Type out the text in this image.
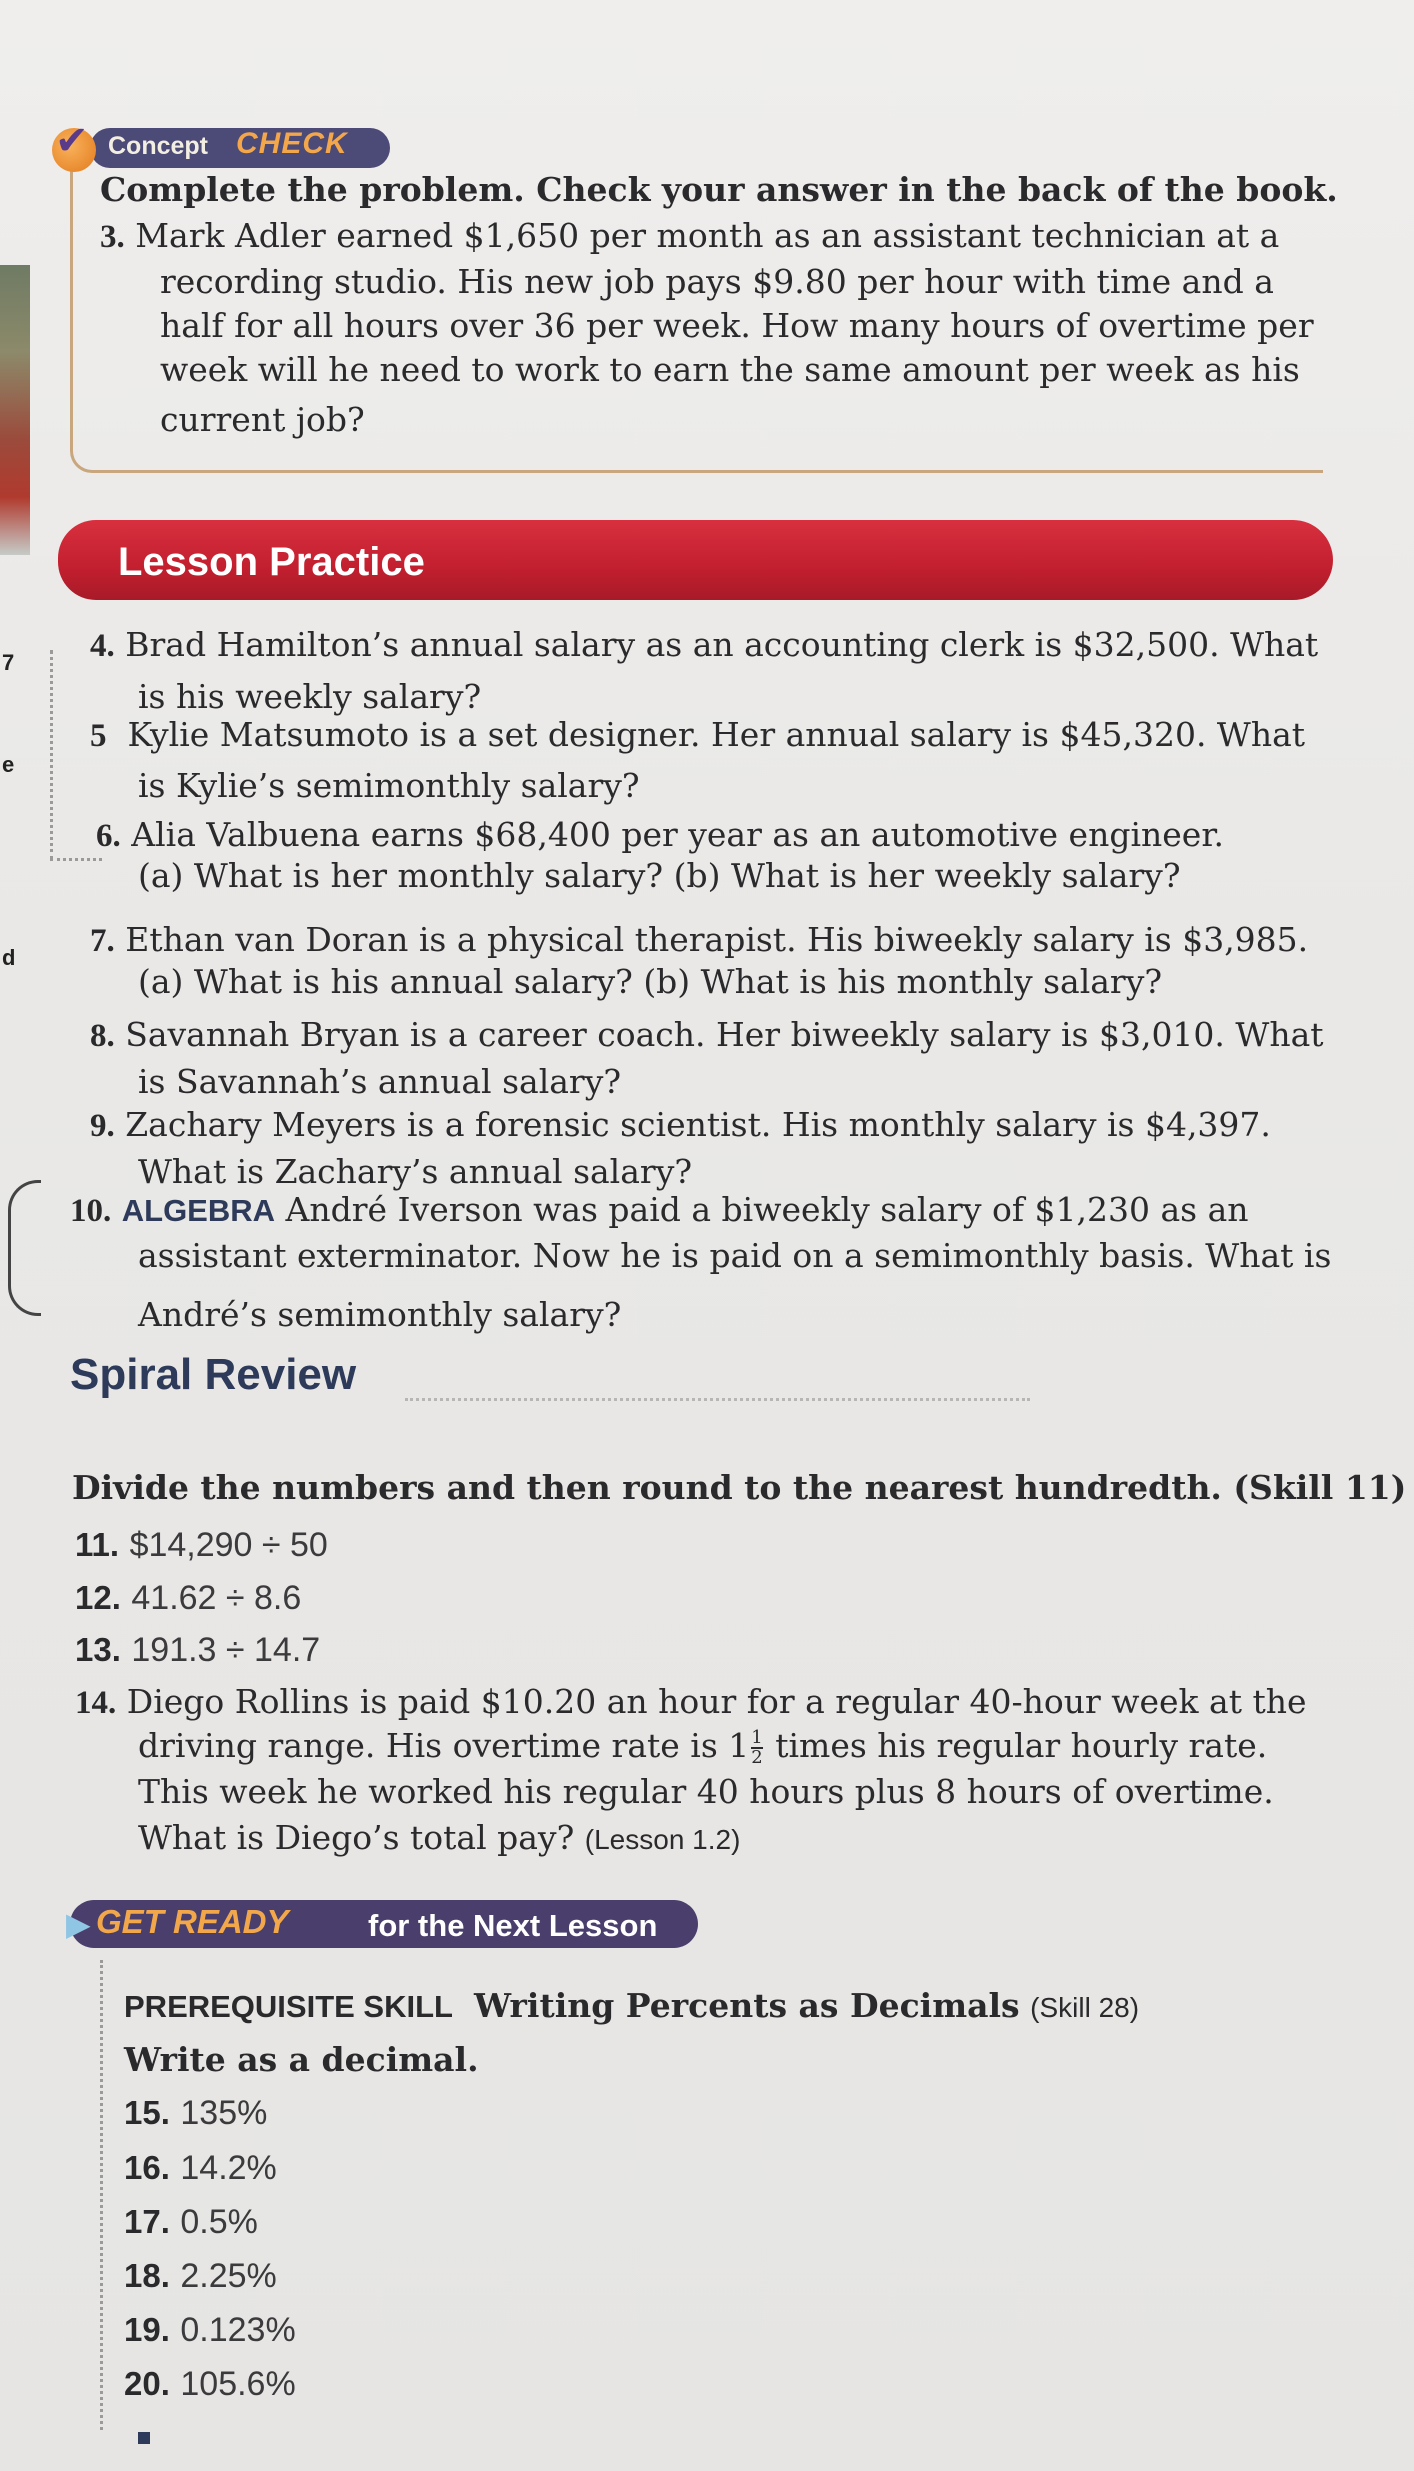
7
e
d
✔ Concept CHECK
Complete the problem. Check your answer in the back of the book.
3. Mark Adler earned $1,650 per month as an assistant technician at a
recording studio. His new job pays $9.80 per hour with time and a
half for all hours over 36 per week. How many hours of overtime per
week will he need to work to earn the same amount per week as his
current job?
Lesson Practice
4. Brad Hamilton’s annual salary as an accounting clerk is $32,500. What
is his weekly salary?
5 Kylie Matsumoto is a set designer. Her annual salary is $45,320. What
is Kylie’s semimonthly salary?
6. Alia Valbuena earns $68,400 per year as an automotive engineer.
(a) What is her monthly salary? (b) What is her weekly salary?
7. Ethan van Doran is a physical therapist. His biweekly salary is $3,985.
(a) What is his annual salary? (b) What is his monthly salary?
8. Savannah Bryan is a career coach. Her biweekly salary is $3,010. What
is Savannah’s annual salary?
9. Zachary Meyers is a forensic scientist. His monthly salary is $4,397.
What is Zachary’s annual salary?
10. ALGEBRA André Iverson was paid a biweekly salary of $1,230 as an
assistant exterminator. Now he is paid on a semimonthly basis. What is
André’s semimonthly salary?
Spiral Review
Divide the numbers and then round to the nearest hundredth. (Skill 11)
11. $14,290 ÷ 50
12. 41.62 ÷ 8.6
13. 191.3 ÷ 14.7
14. Diego Rollins is paid $10.20 an hour for a regular 40-hour week at the
driving range. His overtime rate is $1 \frac{1}{2}$ times his regular hourly rate.
This week he worked his regular 40 hours plus 8 hours of overtime.
What is Diego’s total pay? (Lesson 1.2)
▶ GET READY	for the Next Lesson
PREREQUISITE SKILL Writing Percents as Decimals (Skill 28)
Write as a decimal.
15. 135%
16. 14.2%
17. 0.5%
18. 2.25%
19. 0.123%
20. 105.6%
